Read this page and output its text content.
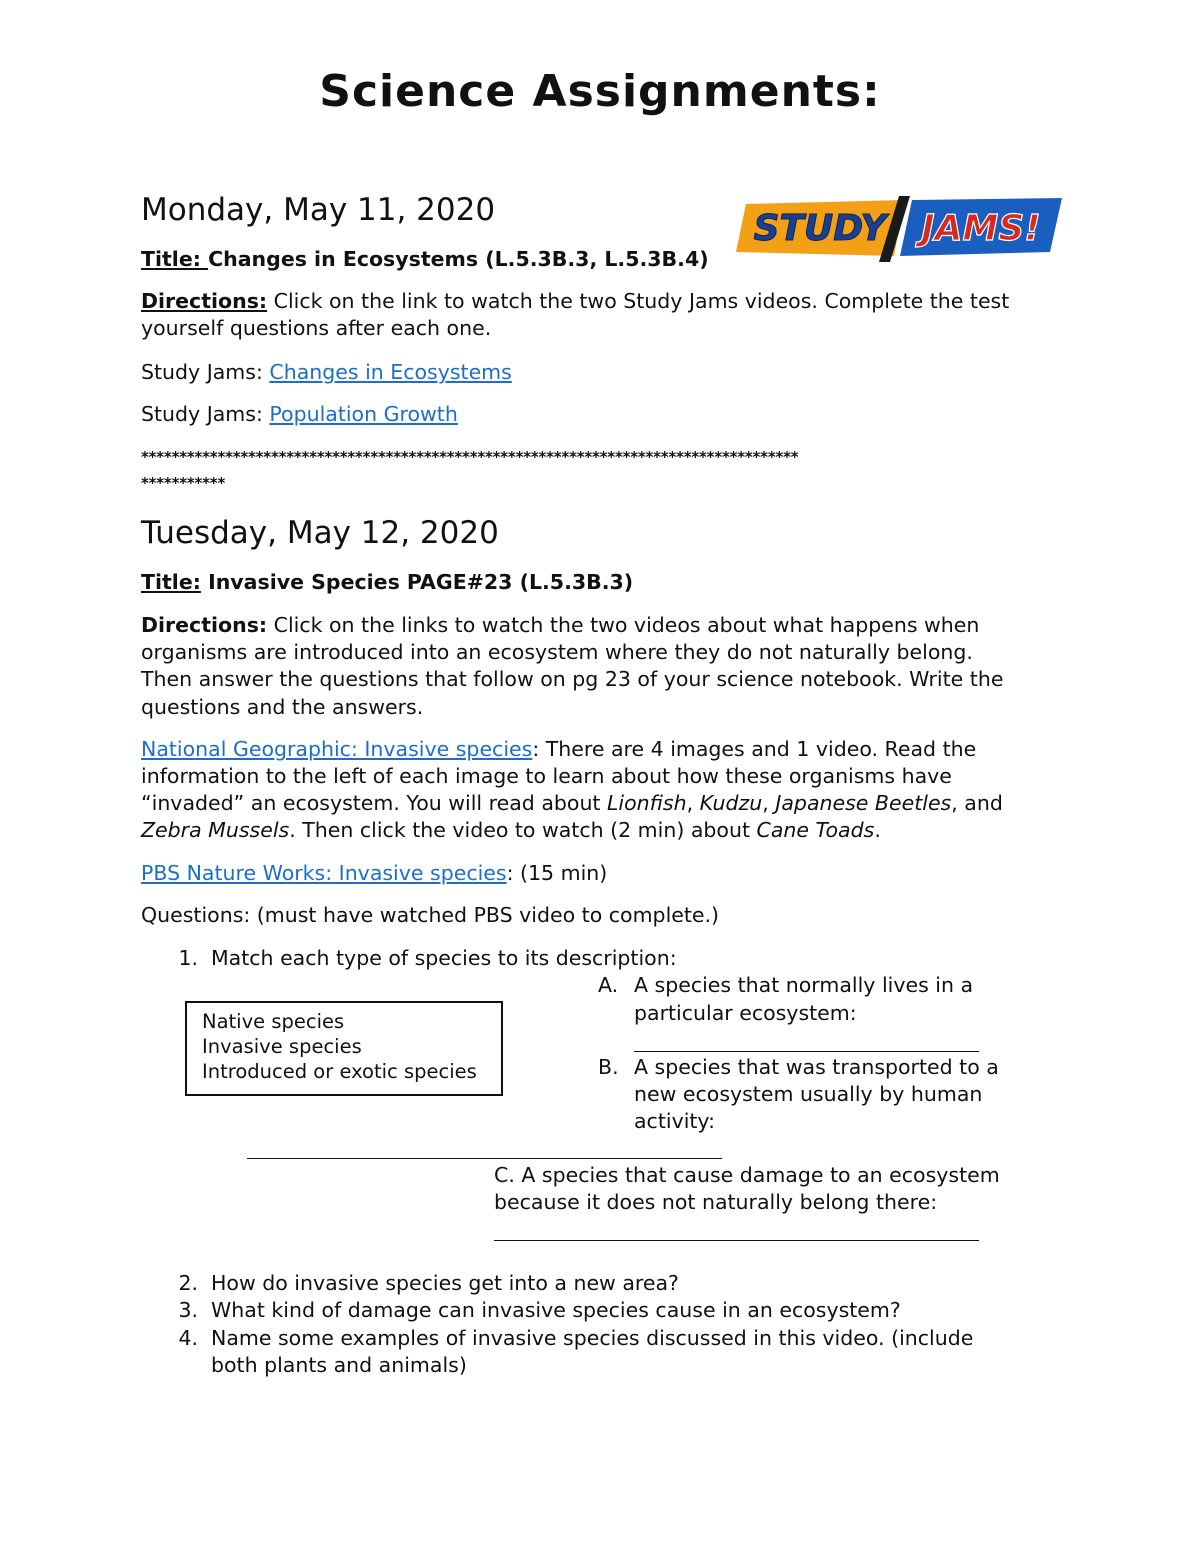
Science Assignments:
Monday, May 11, 2020	STUDY JAMS!
Title: Changes in Ecosystems (L.5.3B.3, L.5.3B.4)
Directions: Click on the link to watch the two Study Jams videos. Complete the test
yourself questions after each one.
Study Jams: Changes in Ecosystems
Study Jams: Population Growth
**************************************************************************************
***********
Tuesday, May 12, 2020
Title: Invasive Species PAGE#23 (L.5.3B.3)
Directions: Click on the links to watch the two videos about what happens when
organisms are introduced into an ecosystem where they do not naturally belong.
Then answer the questions that follow on pg 23 of your science notebook. Write the
questions and the answers.
National Geographic: Invasive species: There are 4 images and 1 video. Read the
information to the left of each image to learn about how these organisms have
“invaded” an ecosystem. You will read about Lionfish, Kudzu, Japanese Beetles, and
Zebra Mussels. Then click the video to watch (2 min) about Cane Toads.
PBS Nature Works: Invasive species: (15 min)
Questions: (must have watched PBS video to complete.)
1. Match each type of species to its description:
Native species
Invasive species
Introduced or exotic species
A. A species that normally lives in a
particular ecosystem:
B. A species that was transported to a
new ecosystem usually by human
activity:
C. A species that cause damage to an ecosystem
because it does not naturally belong there:
2. How do invasive species get into a new area?
3. What kind of damage can invasive species cause in an ecosystem?
4. Name some examples of invasive species discussed in this video. (include
both plants and animals)
